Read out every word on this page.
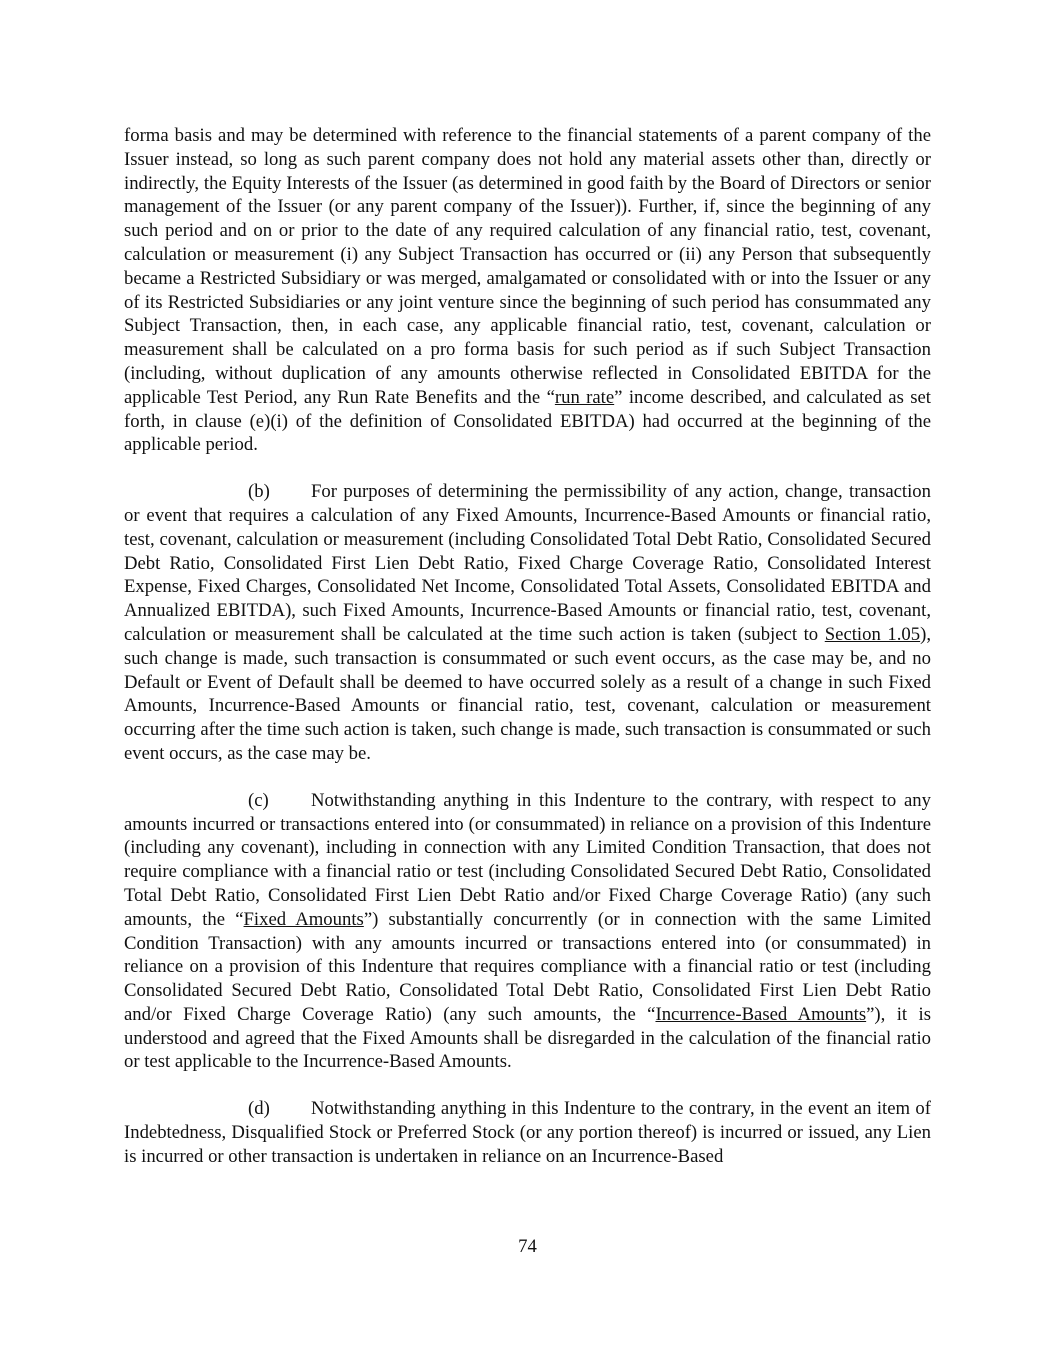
forma basis and may be determined with reference to the financial statements of a parent company of the Issuer instead, so long as such parent company does not hold any material assets other than, directly or indirectly, the Equity Interests of the Issuer (as determined in good faith by the Board of Directors or senior management of the Issuer (or any parent company of the Issuer)). Further, if, since the beginning of any such period and on or prior to the date of any required calculation of any financial ratio, test, covenant, calculation or measurement (i) any Subject Transaction has occurred or (ii) any Person that subsequently became a Restricted Subsidiary or was merged, amalgamated or consolidated with or into the Issuer or any of its Restricted Subsidiaries or any joint venture since the beginning of such period has consummated any Subject Transaction, then, in each case, any applicable financial ratio, test, covenant, calculation or measurement shall be calculated on a pro forma basis for such period as if such Subject Transaction (including, without duplication of any amounts otherwise reflected in Consolidated EBITDA for the applicable Test Period, any Run Rate Benefits and the “run rate” income described, and calculated as set forth, in clause (e)(i) of the definition of Consolidated EBITDA) had occurred at the beginning of the applicable period.

(b) For purposes of determining the permissibility of any action, change, transaction or event that requires a calculation of any Fixed Amounts, Incurrence-Based Amounts or financial ratio, test, covenant, calculation or measurement (including Consolidated Total Debt Ratio, Consolidated Secured Debt Ratio, Consolidated First Lien Debt Ratio, Fixed Charge Coverage Ratio, Consolidated Interest Expense, Fixed Charges, Consolidated Net Income, Consolidated Total Assets, Consolidated EBITDA and Annualized EBITDA), such Fixed Amounts, Incurrence-Based Amounts or financial ratio, test, covenant, calculation or measurement shall be calculated at the time such action is taken (subject to Section 1.05), such change is made, such transaction is consummated or such event occurs, as the case may be, and no Default or Event of Default shall be deemed to have occurred solely as a result of a change in such Fixed Amounts, Incurrence-Based Amounts or financial ratio, test, covenant, calculation or measurement occurring after the time such action is taken, such change is made, such transaction is consummated or such event occurs, as the case may be.

(c) Notwithstanding anything in this Indenture to the contrary, with respect to any amounts incurred or transactions entered into (or consummated) in reliance on a provision of this Indenture (including any covenant), including in connection with any Limited Condition Transaction, that does not require compliance with a financial ratio or test (including Consolidated Secured Debt Ratio, Consolidated Total Debt Ratio, Consolidated First Lien Debt Ratio and/or Fixed Charge Coverage Ratio) (any such amounts, the “Fixed Amounts”) substantially concurrently (or in connection with the same Limited Condition Transaction) with any amounts incurred or transactions entered into (or consummated) in reliance on a provision of this Indenture that requires compliance with a financial ratio or test (including Consolidated Secured Debt Ratio, Consolidated Total Debt Ratio, Consolidated First Lien Debt Ratio and/or Fixed Charge Coverage Ratio) (any such amounts, the “Incurrence-Based Amounts”), it is understood and agreed that the Fixed Amounts shall be disregarded in the calculation of the financial ratio or test applicable to the Incurrence-Based Amounts.

(d) Notwithstanding anything in this Indenture to the contrary, in the event an item of Indebtedness, Disqualified Stock or Preferred Stock (or any portion thereof) is incurred or issued, any Lien is incurred or other transaction is undertaken in reliance on an Incurrence-Based

74
